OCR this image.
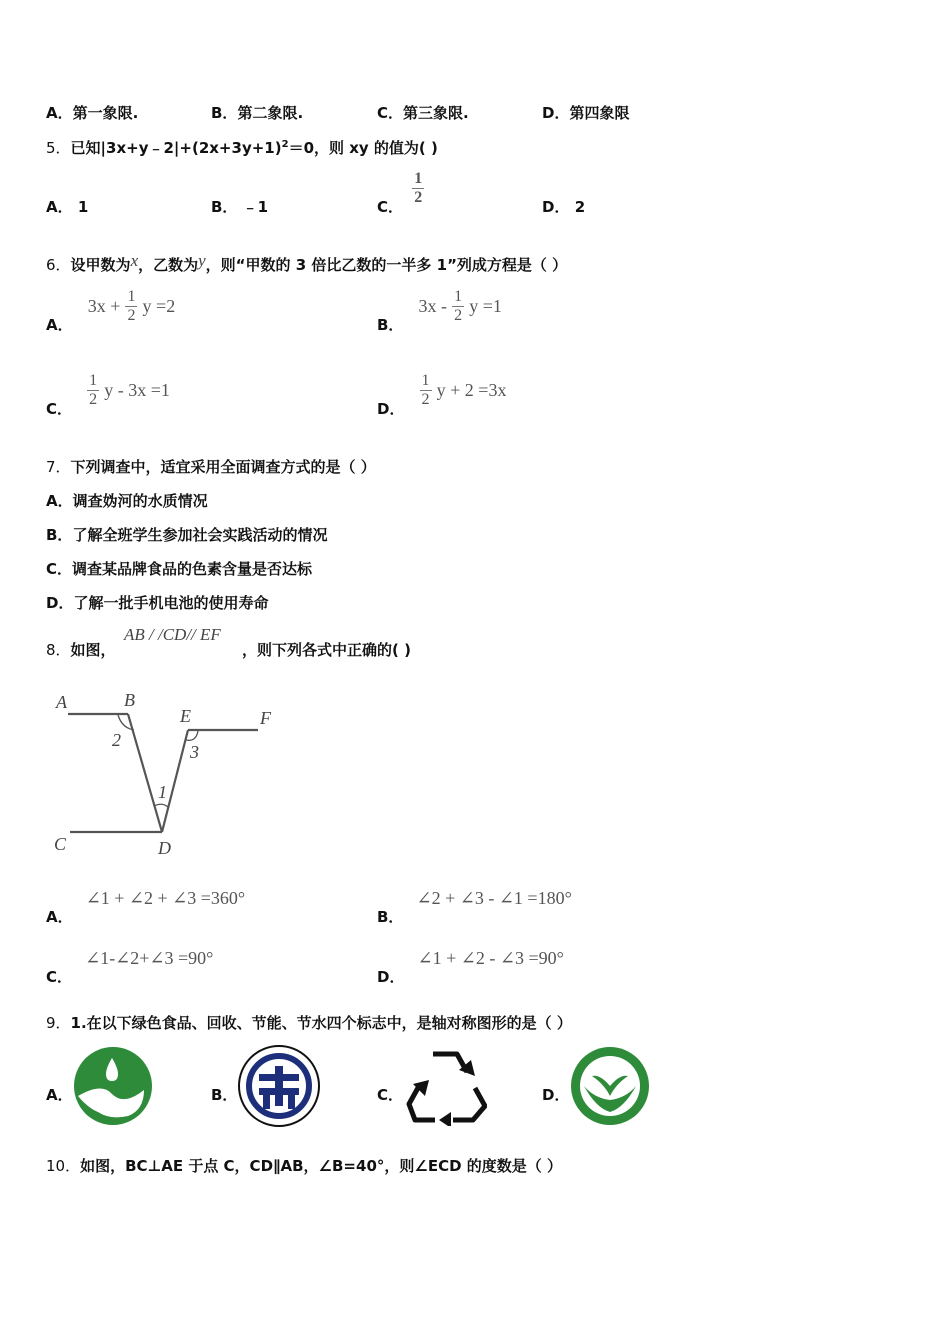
A．第一象限.	B．第二象限.	C．第三象限.	D．第四象限
5．已知$|3x+y﹣2|+(2x+3y+1)^2=0$，则 xy 的值为( )
A． 1	B． ﹣1	C． $\frac{1}{2}$	D． 2
6．设甲数为x，乙数为y，则“甲数的 3 倍比乙数的一半多 1”列成方程是（ ）
A． $3x + \frac{1}{2}$ y =2
B． $3x - \frac{1}{2}$ y =1
C． $\frac{1}{2}$ y - 3x =1
D． $\frac{1}{2}$ y + 2 =3x
7．下列调查中，适宜采用全面调查方式的是（ ）
A．调查妫河的水质情况
B．了解全班学生参加社会实践活动的情况
C．调查某品牌食品的色素含量是否达标
D．了解一批手机电池的使用寿命
8．如图，
AB / /CD// EF
，则下列各式中正确的( )
A	B
E	F
C	D
2
3
1
A． ∠1 + ∠2 + ∠3 =360°
B． ∠2 + ∠3 - ∠1 =180°
C． ∠1-∠2+∠3 =90°
D． ∠1 + ∠2 - ∠3 =90°
9．1.在以下绿色食品、回收、节能、节水四个标志中，是轴对称图形的是（ ）
A．	B．	C．	D．
10．如图，BC⊥AE 于点 C，CD∥AB，∠B=40°，则∠ECD 的度数是（ ）
